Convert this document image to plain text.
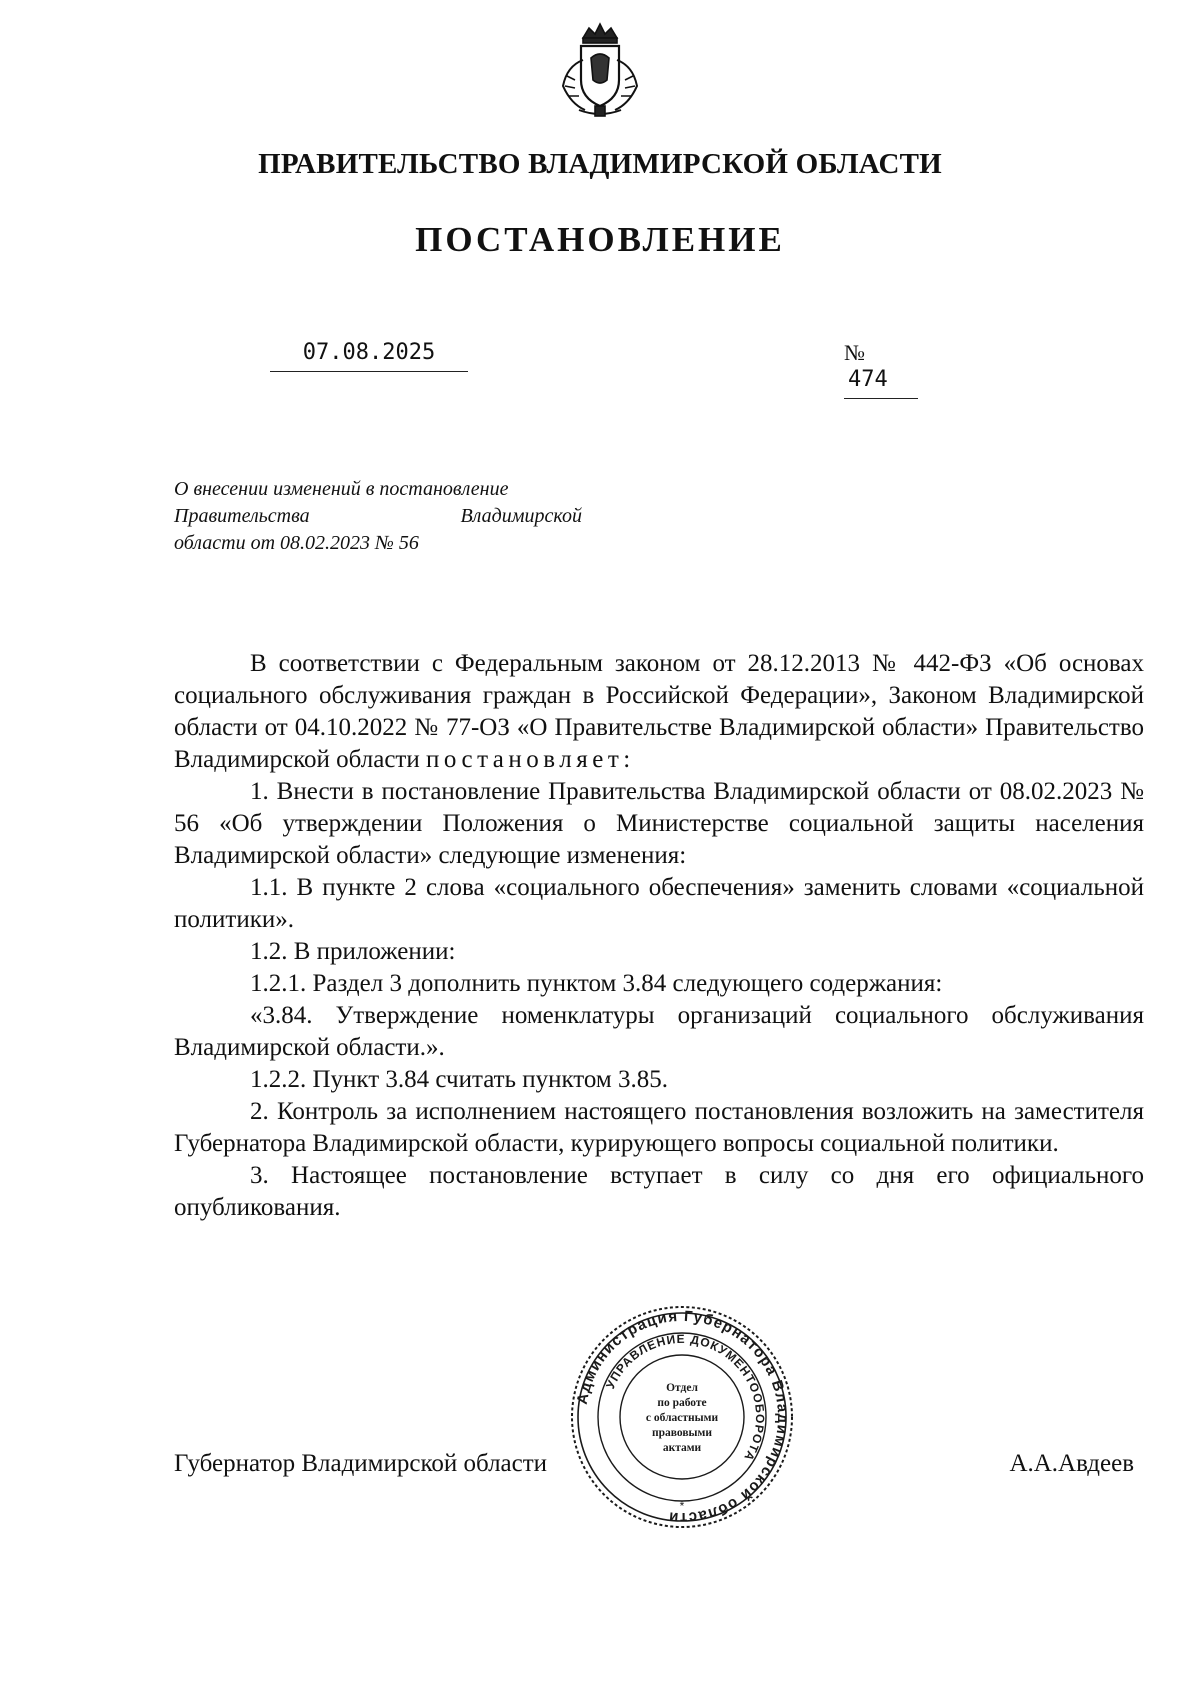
ПРАВИТЕЛЬСТВО ВЛАДИМИРСКОЙ ОБЛАСТИ
ПОСТАНОВЛЕНИЕ
07.08.2025	№ 474
О внесении изменений в постановление
Правительства Владимирской
области от 08.02.2023 № 56

В соответствии с Федеральным законом от 28.12.2013 № 442-ФЗ «Об основах социального обслуживания граждан в Российской Федерации», Законом Владимирской области от 04.10.2022 № 77-ОЗ «О Правительстве Владимирской области» Правительство Владимирской области постановляет:

1. Внести в постановление Правительства Владимирской области от 08.02.2023 № 56 «Об утверждении Положения о Министерстве социальной защиты населения Владимирской области» следующие изменения:

1.1. В пункте 2 слова «социального обеспечения» заменить словами «социальной политики».

1.2. В приложении:

1.2.1. Раздел 3 дополнить пунктом 3.84 следующего содержания:

«3.84. Утверждение номенклатуры организаций социального обслуживания Владимирской области.».

1.2.2. Пункт 3.84 считать пунктом 3.85.

2. Контроль за исполнением настоящего постановления возложить на заместителя Губернатора Владимирской области, курирующего вопросы социальной политики.

3. Настоящее постановление вступает в силу со дня его официального опубликования.

Губернатор Владимирской области	А.А.Авдеев
Администрация Губернатора Владимирской области
УПРАВЛЕНИЕ ДОКУМЕНТООБОРОТА
Отдел
по работе
с областными
правовыми
актами
*
